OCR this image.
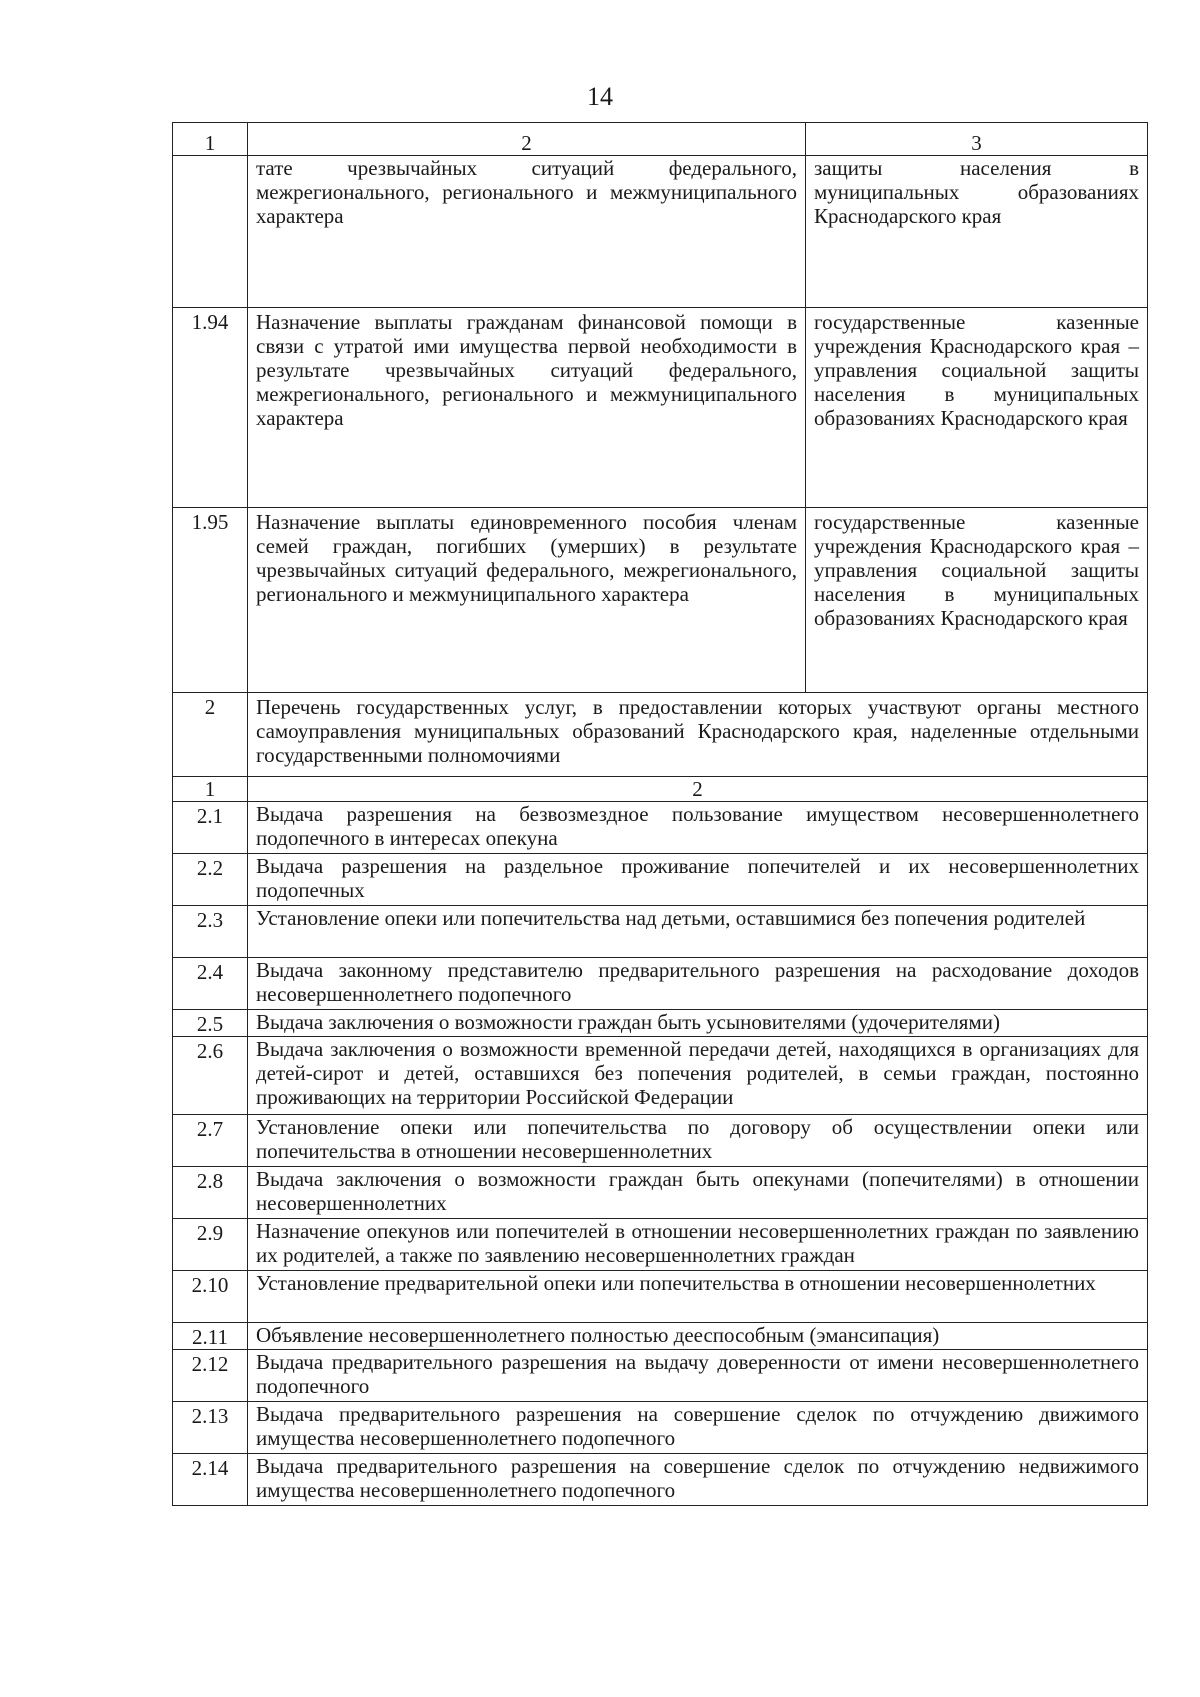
14
1	2	3
	тате чрезвычайных ситуаций федерального, межрегионального, регионального и межмуниципального характера	защиты населения в муниципальных образованиях Краснодарского края
1.94	Назначение выплаты гражданам финансовой помощи в связи с утратой ими имущества первой необходимости в результате чрезвычайных ситуаций федерального, межрегионального, регионального и межмуниципального характера	государственные казенные учреждения Краснодарского края – управления социальной защиты населения в муниципальных образованиях Краснодарского края
1.95	Назначение выплаты единовременного пособия членам семей граждан, погибших (умерших) в результате чрезвычайных ситуаций федерального, межрегионального, регионального и межмуниципального характера	государственные казенные учреждения Краснодарского края – управления социальной защиты населения в муниципальных образованиях Краснодарского края
2	Перечень государственных услуг, в предоставлении которых участвуют органы местного самоуправления муниципальных образований Краснодарского края, наделенные отдельными государственными полномочиями	
1	2	
2.1	Выдача разрешения на безвозмездное пользование имуществом несовершеннолетнего подопечного в интересах опекуна	
2.2	Выдача разрешения на раздельное проживание попечителей и их несовершеннолетних подопечных	
2.3	Установление опеки или попечительства над детьми, оставшимися без попечения родителей	
2.4	Выдача законному представителю предварительного разрешения на расходование доходов несовершеннолетнего подопечного	
2.5	Выдача заключения о возможности граждан быть усыновителями (удочерителями)	
2.6	Выдача заключения о возможности временной передачи детей, находящихся в организациях для детей-сирот и детей, оставшихся без попечения родителей, в семьи граждан, постоянно проживающих на территории Российской Федерации	
2.7	Установление опеки или попечительства по договору об осуществлении опеки или попечительства в отношении несовершеннолетних	
2.8	Выдача заключения о возможности граждан быть опекунами (попечителями) в отношении несовершеннолетних	
2.9	Назначение опекунов или попечителей в отношении несовершеннолетних граждан по заявлению их родителей, а также по заявлению несовершеннолетних граждан	
2.10	Установление предварительной опеки или попечительства в отношении несовершеннолетних	
2.11	Объявление несовершеннолетнего полностью дееспособным (эмансипация)	
2.12	Выдача предварительного разрешения на выдачу доверенности от имени несовершеннолетнего подопечного	
2.13	Выдача предварительного разрешения на совершение сделок по отчуждению движимого имущества несовершеннолетнего подопечного	
2.14	Выдача предварительного разрешения на совершение сделок по отчуждению недвижимого имущества несовершеннолетнего подопечного	
